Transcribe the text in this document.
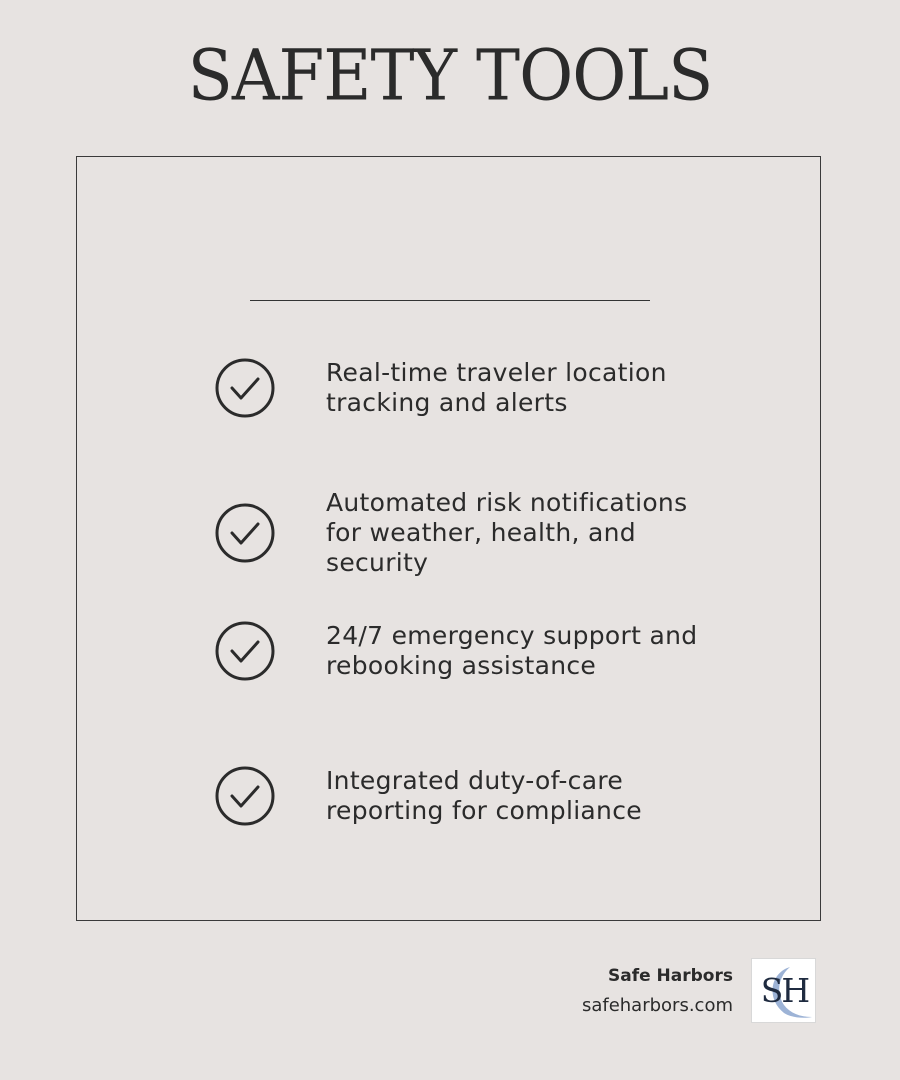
SAFETY TOOLS
Real-time traveler location
tracking and alerts
Automated risk notifications
for weather, health, and
security
24/7 emergency support and
rebooking assistance
Integrated duty-of-care
reporting for compliance
Safe Harbors
safeharbors.com SH
